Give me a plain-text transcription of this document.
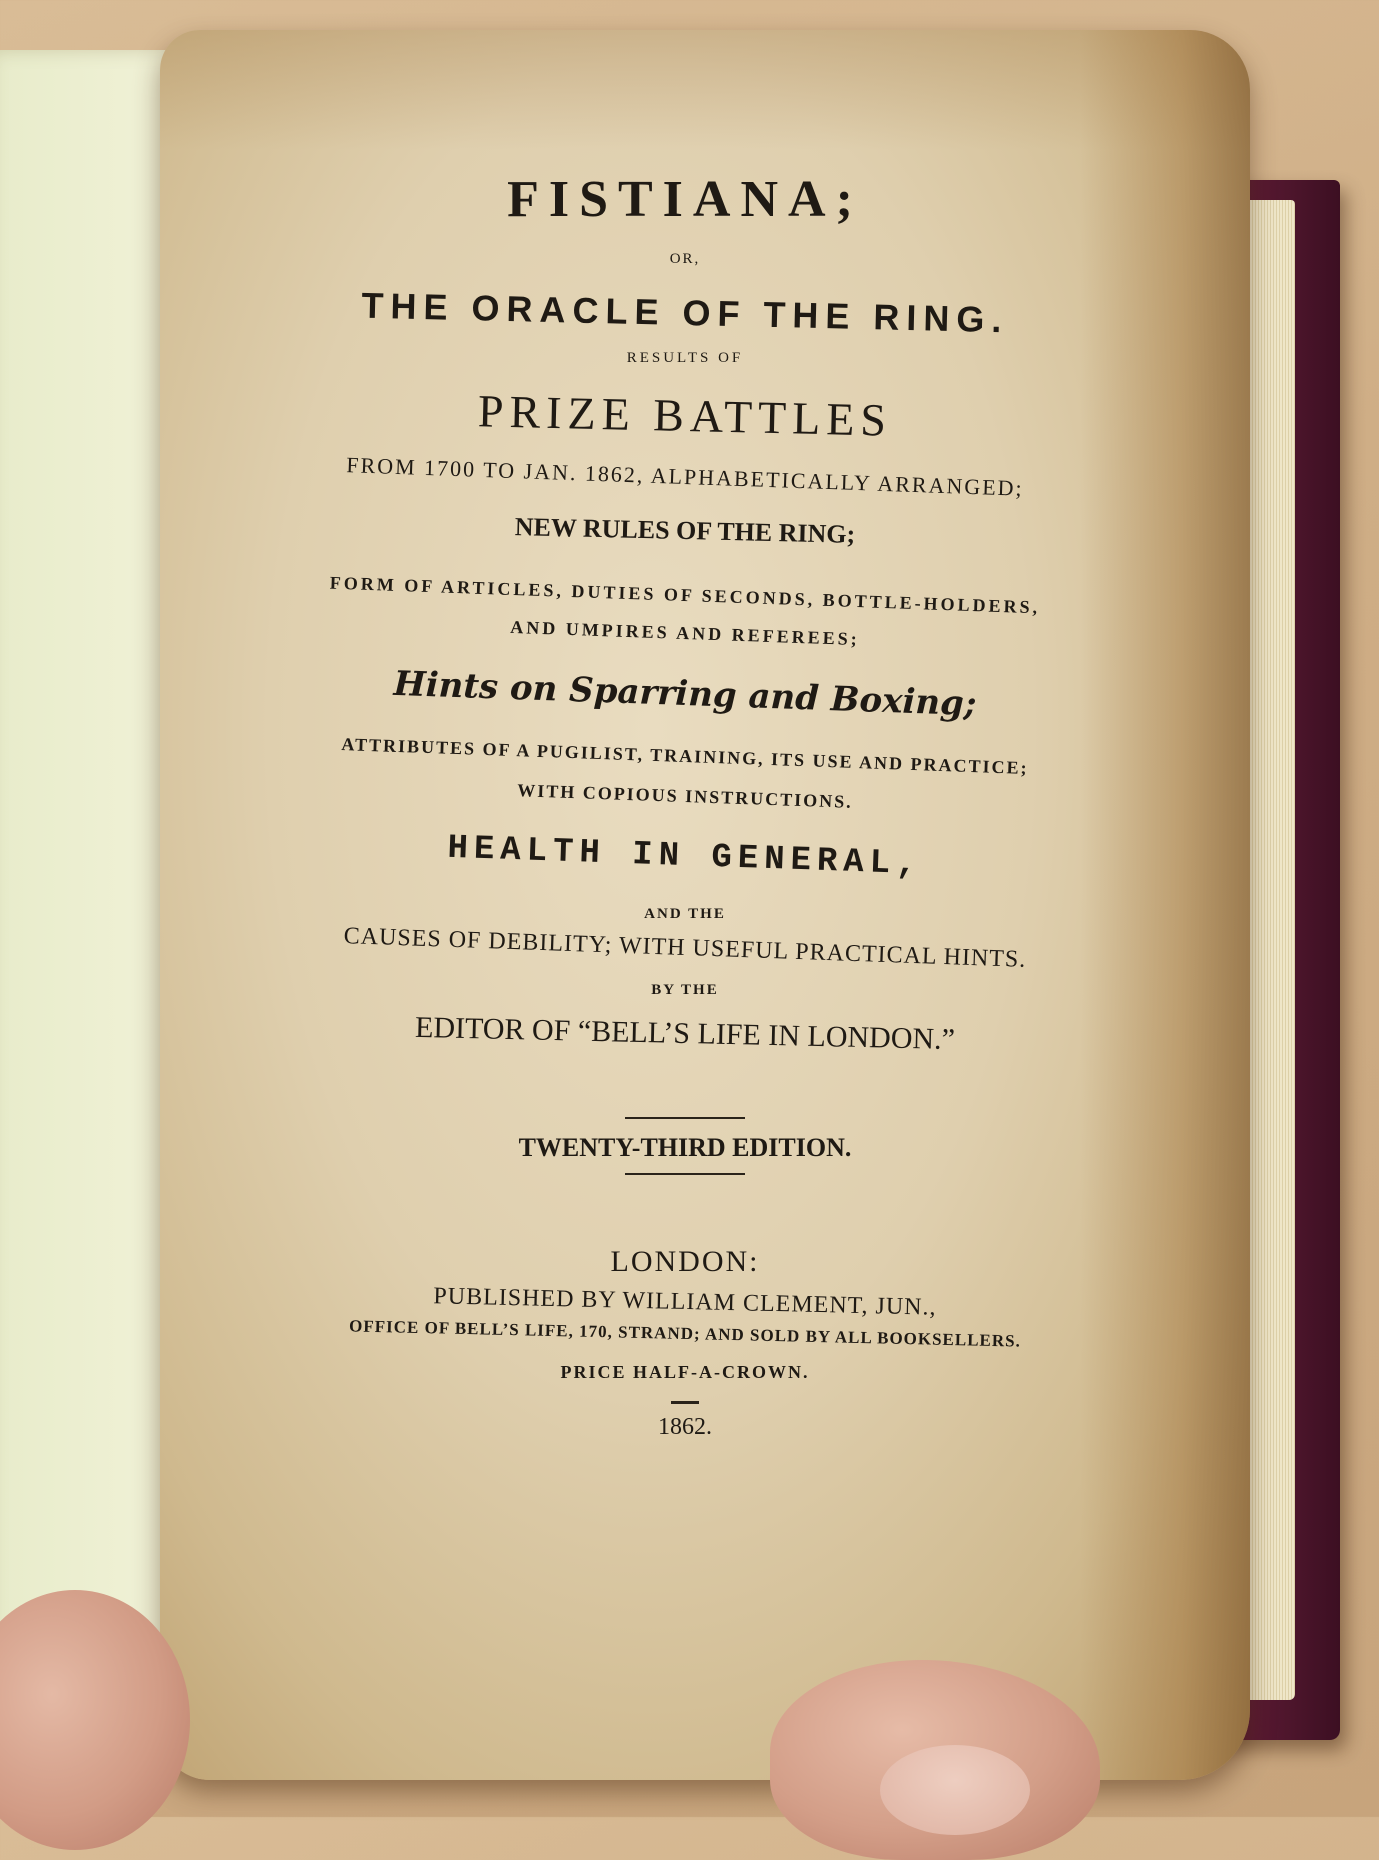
FISTIANA;
OR,
THE ORACLE OF THE RING.
RESULTS OF
PRIZE BATTLES
FROM 1700 TO JAN. 1862, ALPHABETICALLY ARRANGED;
NEW RULES OF THE RING;
FORM OF ARTICLES, DUTIES OF SECONDS, BOTTLE-HOLDERS,
AND UMPIRES AND REFEREES;
Hints on Sparring and Boxing;
ATTRIBUTES OF A PUGILIST, TRAINING, ITS USE AND PRACTICE;
WITH COPIOUS INSTRUCTIONS.
HEALTH IN GENERAL,
AND THE
CAUSES OF DEBILITY; WITH USEFUL PRACTICAL HINTS.
BY THE
EDITOR OF “BELL’S LIFE IN LONDON.”
TWENTY-THIRD EDITION.
LONDON:
PUBLISHED BY WILLIAM CLEMENT, JUN.,
OFFICE OF BELL’S LIFE, 170, STRAND; AND SOLD BY ALL BOOKSELLERS.
PRICE HALF-A-CROWN.
1862.
